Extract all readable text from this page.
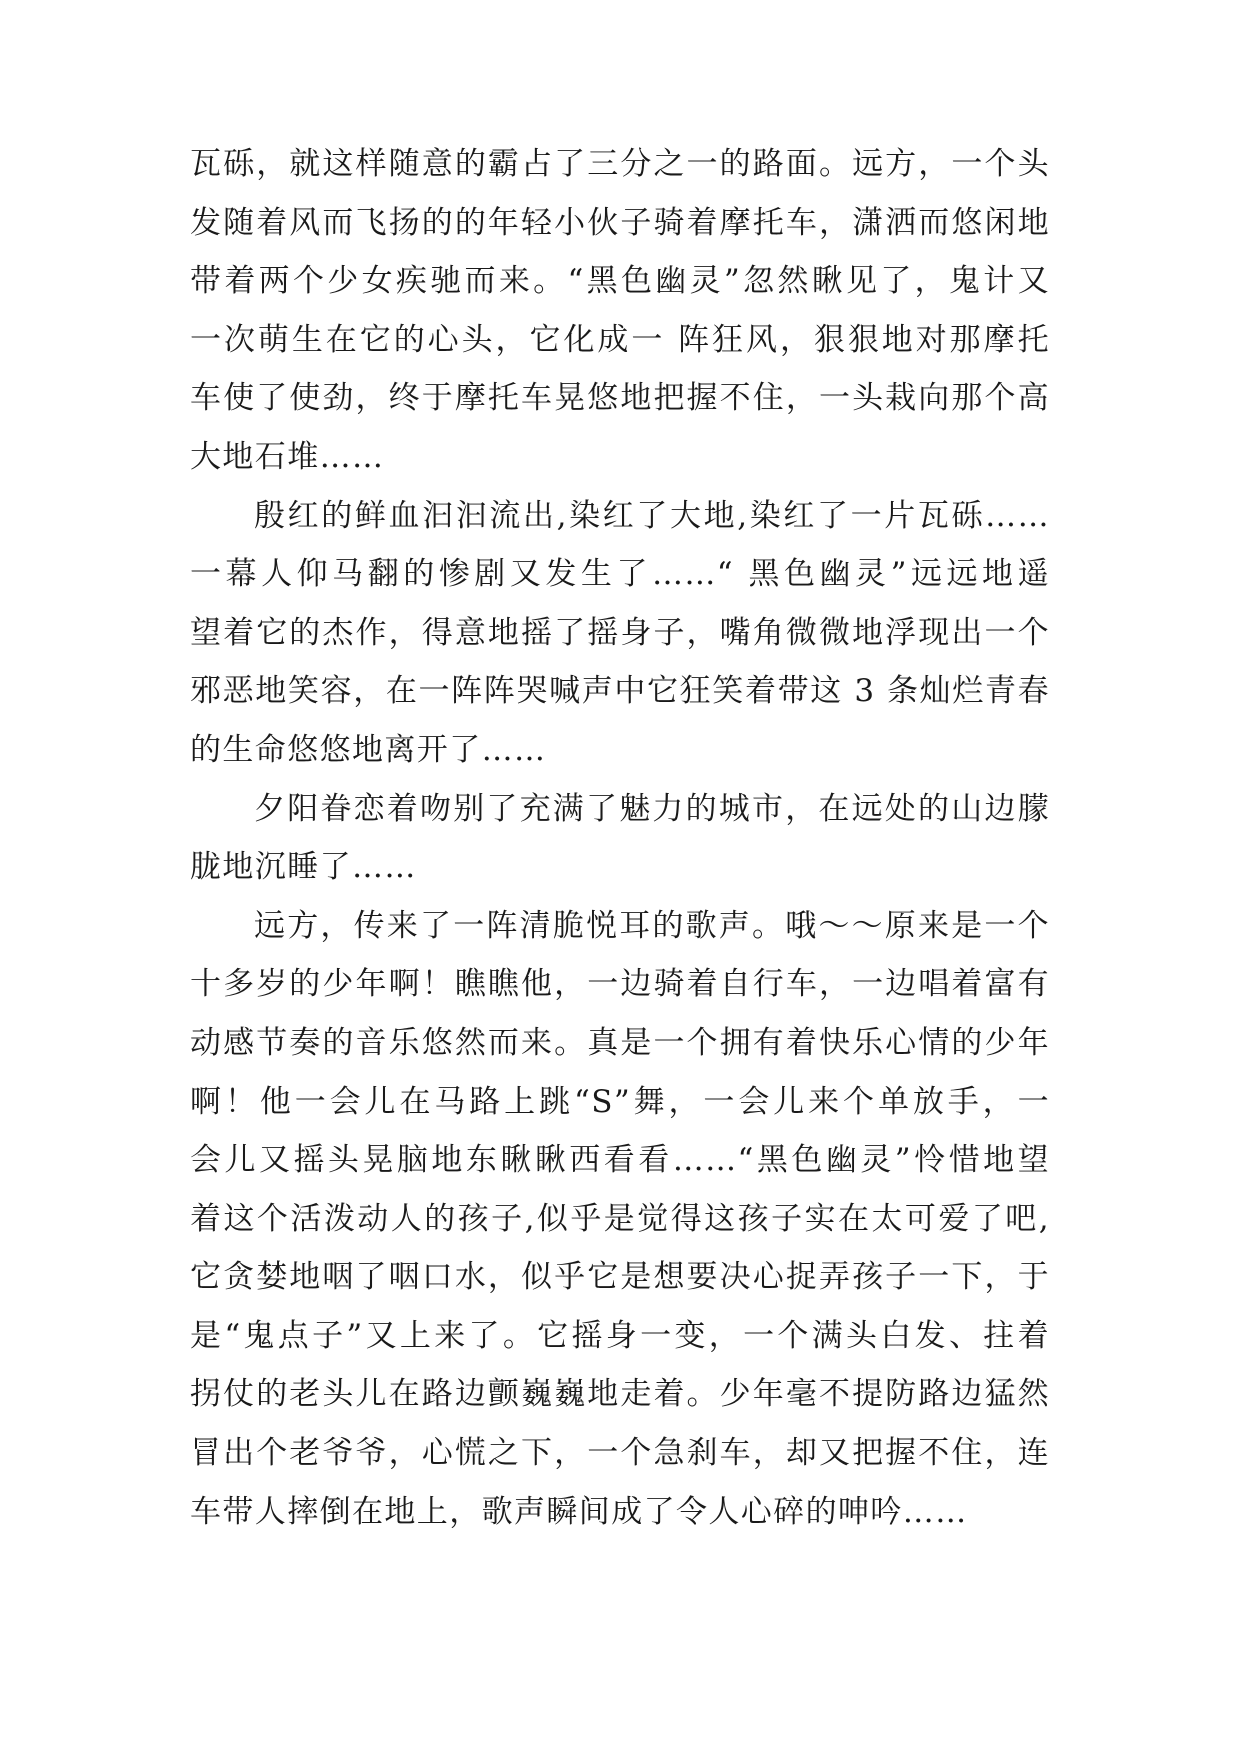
瓦砾，就这样随意的霸占了三分之一的路面。远方，一个头
发随着风而飞扬的的年轻小伙子骑着摩托车，潇洒而悠闲地
带着两个少女疾驰而来。“黑色幽灵”忽然瞅见了，鬼计又
一次萌生在它的心头，它化成一 阵狂风，狠狠地对那摩托
车使了使劲，终于摩托车晃悠地把握不住，一头栽向那个高
大地石堆……
殷红的鲜血汩汩流出,染红了大地,染红了一片瓦砾……
一幕人仰马翻的惨剧又发生了……“ 黑色幽灵”远远地遥
望着它的杰作，得意地摇了摇身子，嘴角微微地浮现出一个
邪恶地笑容，在一阵阵哭喊声中它狂笑着带这 3 条灿烂青春
的生命悠悠地离开了……
夕阳眷恋着吻别了充满了魅力的城市，在远处的山边朦
胧地沉睡了……
远方，传来了一阵清脆悦耳的歌声。哦～～原来是一个
十多岁的少年啊！瞧瞧他，一边骑着自行车，一边唱着富有
动感节奏的音乐悠然而来。真是一个拥有着快乐心情的少年
啊！他一会儿在马路上跳“S”舞，一会儿来个单放手，一
会儿又摇头晃脑地东瞅瞅西看看……“黑色幽灵”怜惜地望
着这个活泼动人的孩子,似乎是觉得这孩子实在太可爱了吧,
它贪婪地咽了咽口水，似乎它是想要决心捉弄孩子一下，于
是“鬼点子”又上来了。它摇身一变，一个满头白发、拄着
拐仗的老头儿在路边颤巍巍地走着。少年毫不提防路边猛然
冒出个老爷爷，心慌之下，一个急刹车，却又把握不住，连
车带人摔倒在地上，歌声瞬间成了令人心碎的呻吟……
